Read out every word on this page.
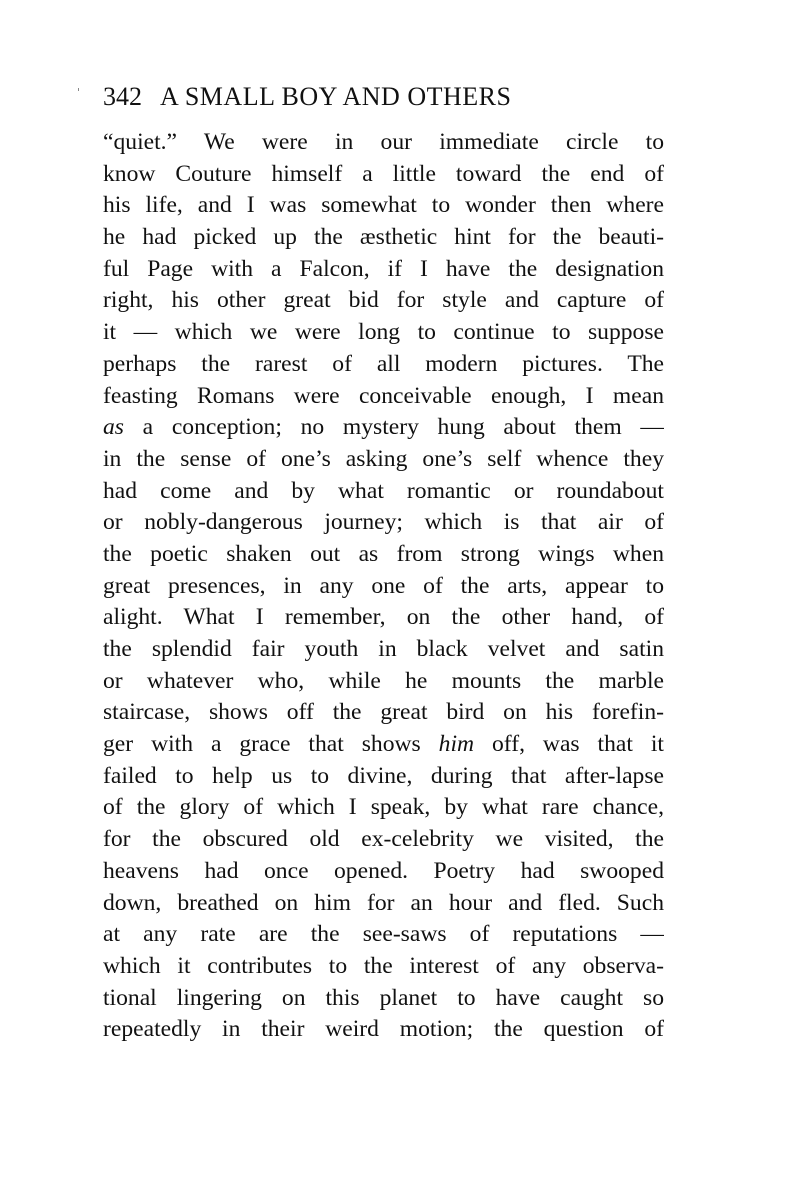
342 A SMALL BOY AND OTHERS
“quiet.” We were in our immediate circle to
know Couture himself a little toward the end of
his life, and I was somewhat to wonder then where
he had picked up the æsthetic hint for the beauti-
ful Page with a Falcon, if I have the designation
right, his other great bid for style and capture of
it — which we were long to continue to suppose
perhaps the rarest of all modern pictures. The
feasting Romans were conceivable enough, I mean
as a conception; no mystery hung about them —
in the sense of one’s asking one’s self whence they
had come and by what romantic or roundabout
or nobly-dangerous journey; which is that air of
the poetic shaken out as from strong wings when
great presences, in any one of the arts, appear to
alight. What I remember, on the other hand, of
the splendid fair youth in black velvet and satin
or whatever who, while he mounts the marble
staircase, shows off the great bird on his forefin-
ger with a grace that shows him off, was that it
failed to help us to divine, during that after-lapse
of the glory of which I speak, by what rare chance,
for the obscured old ex-celebrity we visited, the
heavens had once opened. Poetry had swooped
down, breathed on him for an hour and fled. Such
at any rate are the see-saws of reputations —
which it contributes to the interest of any observa-
tional lingering on this planet to have caught so
repeatedly in their weird motion; the question of
